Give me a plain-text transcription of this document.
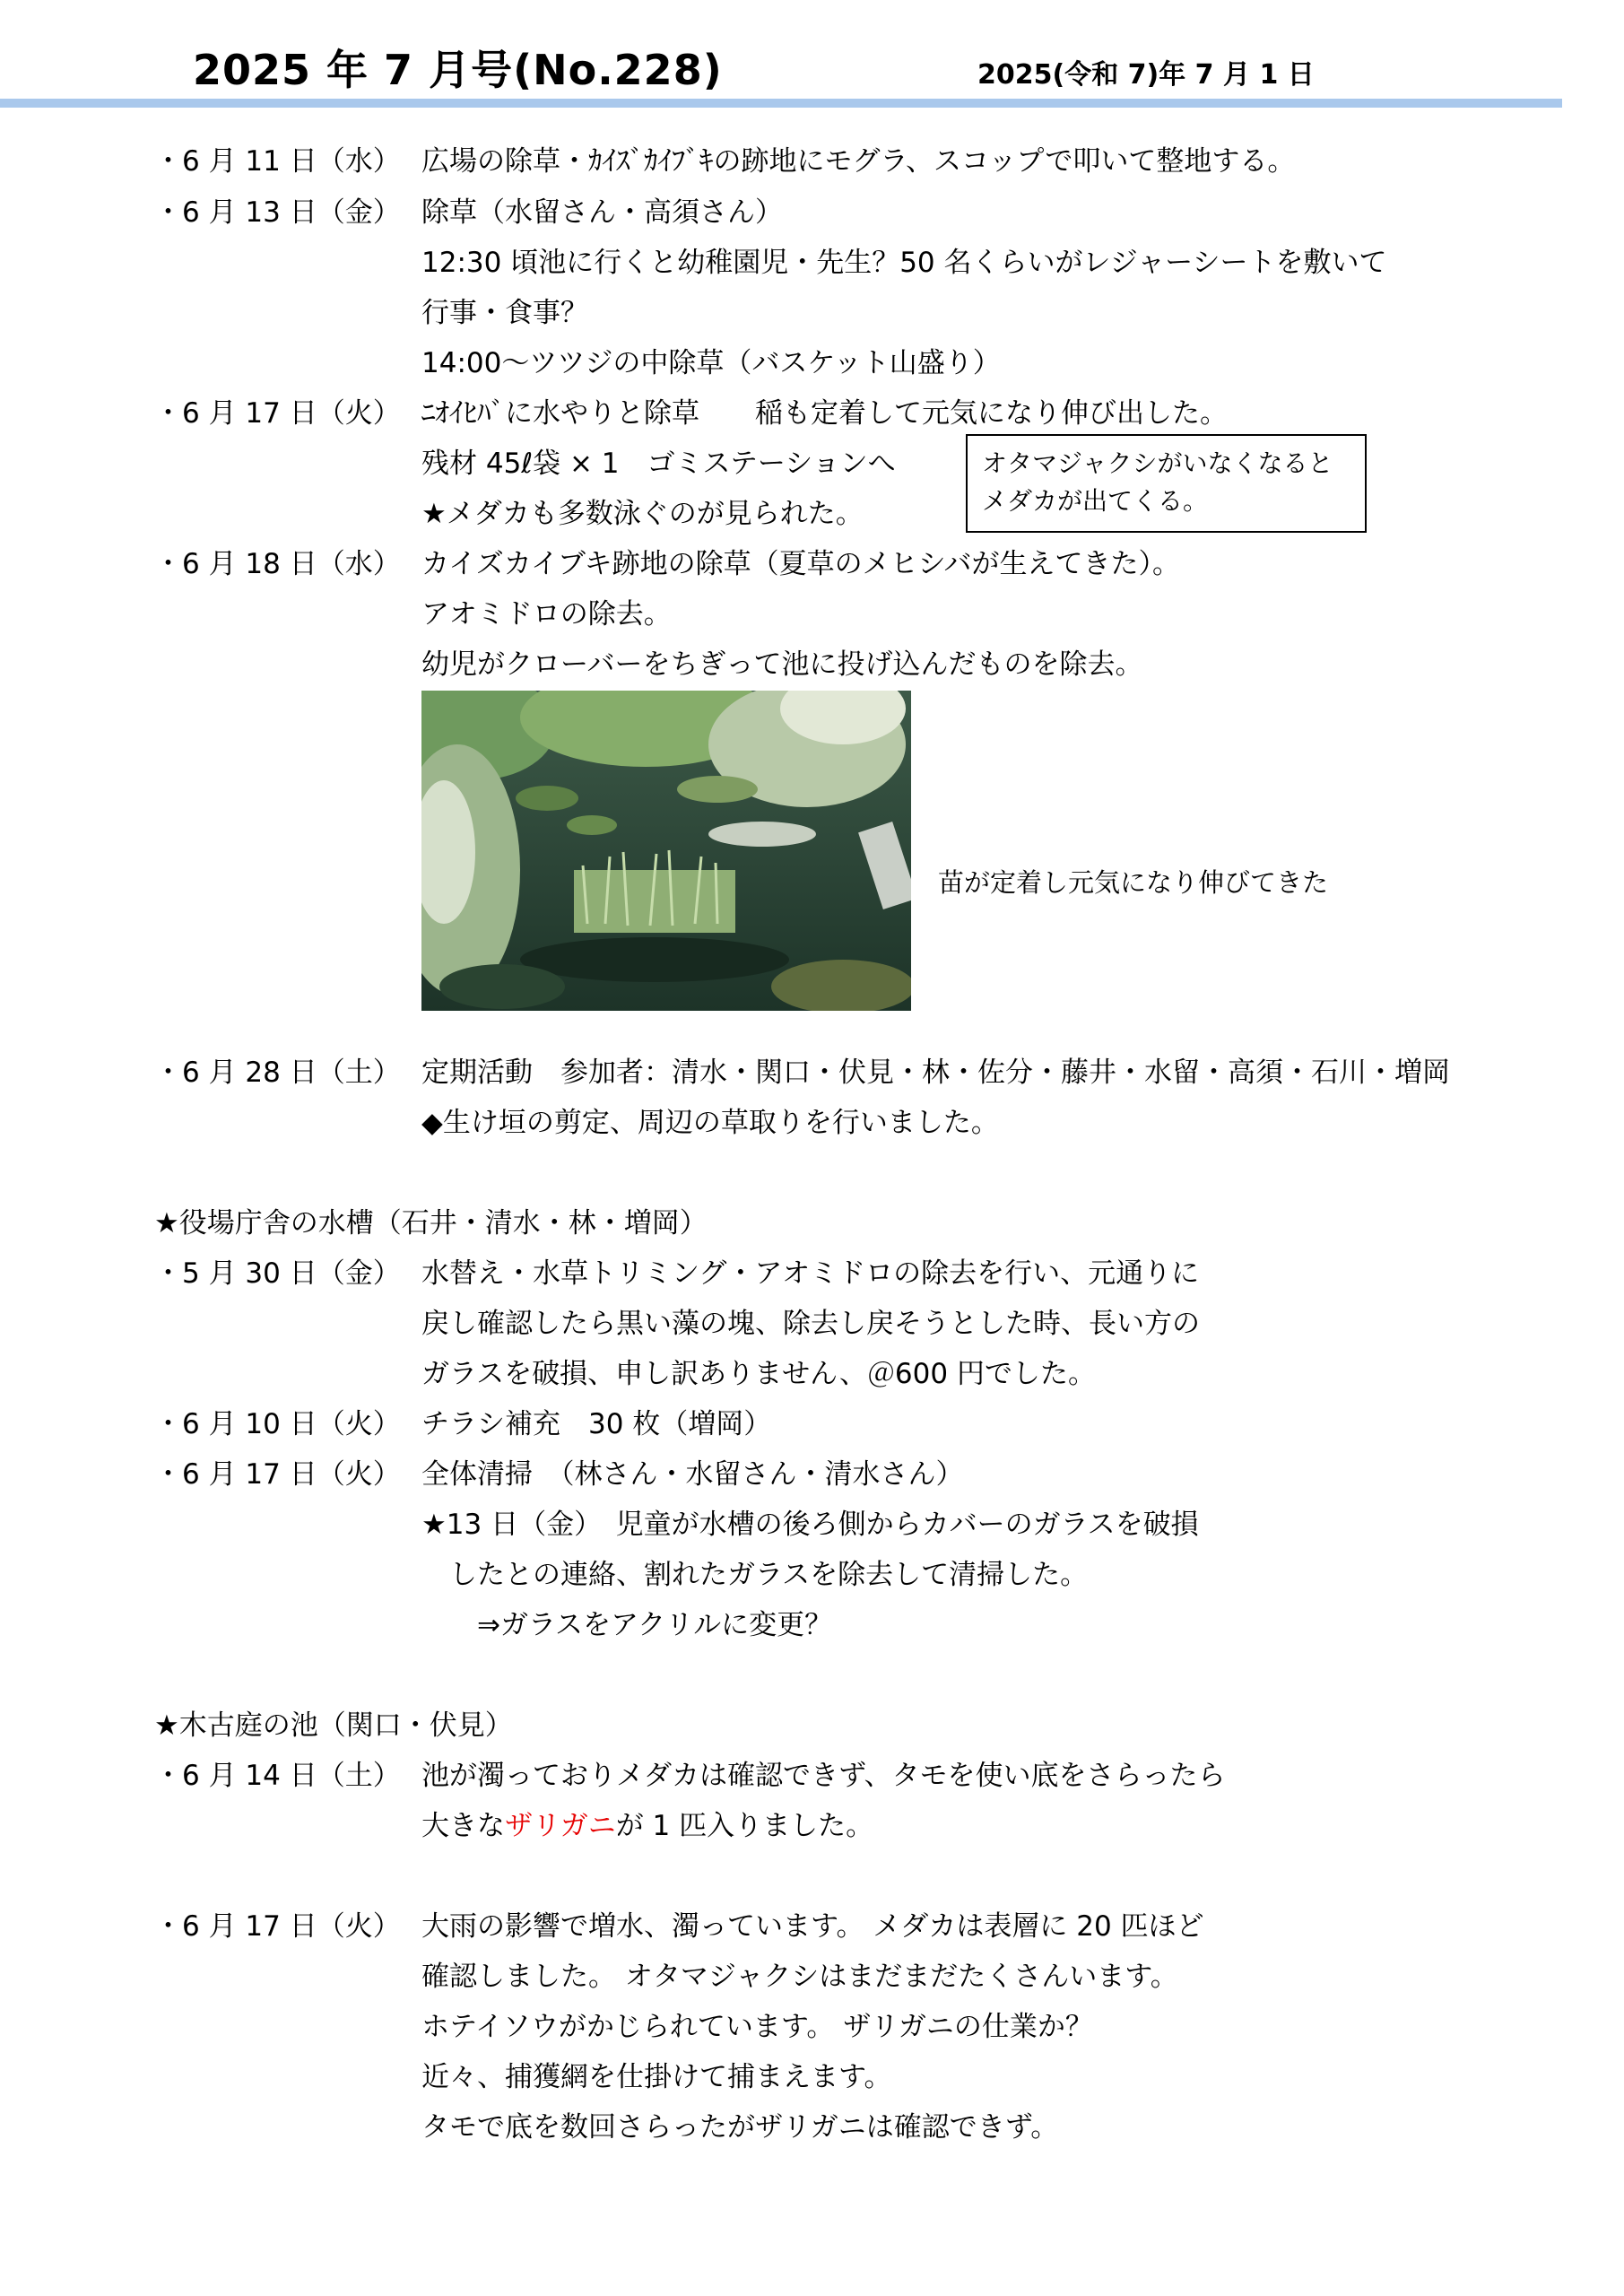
2025 年 7 月号(No.228)	2025(令和 7)年 7 月 1 日
・6 月 11 日（水） 広場の除草・ｶｲｽﾞｶｲﾌﾞｷの跡地にモグラ、スコップで叩いて整地する。
・6 月 13 日（金） 除草（水留さん・高須さん）
12:30 頃池に行くと幼稚園児・先生？50 名くらいがレジャーシートを敷いて
行事・食事？
14:00～ツツジの中除草（バスケット山盛り）
・6 月 17 日（火） ﾆｵｲﾋﾊﾞに水やりと除草　　稲も定着して元気になり伸び出した。
残材 45ℓ袋 × 1　ゴミステーションへ
★メダカも多数泳ぐのが見られた。
オタマジャクシがいなくなるとメダカが出てくる。
・6 月 18 日（水） カイズカイブキ跡地の除草（夏草のメヒシバが生えてきた）。
アオミドロの除去。
幼児がクローバーをちぎって池に投げ込んだものを除去。
苗が定着し元気になり伸びてきた
・6 月 28 日（土） 定期活動　参加者：清水・関口・伏見・林・佐分・藤井・水留・高須・石川・増岡
◆生け垣の剪定、周辺の草取りを行いました。
★役場庁舎の水槽（石井・清水・林・増岡）
・5 月 30 日（金） 水替え・水草トリミング・アオミドロの除去を行い、元通りに
戻し確認したら黒い藻の塊、除去し戻そうとした時、長い方の
ガラスを破損、申し訳ありません、＠600 円でした。
・6 月 10 日（火） チラシ補充　30 枚（増岡）
・6 月 17 日（火） 全体清掃　（林さん・水留さん・清水さん）
★13 日（金）　児童が水槽の後ろ側からカバーのガラスを破損
　したとの連絡、割れたガラスを除去して清掃した。
　　⇒ガラスをアクリルに変更？
★木古庭の池（関口・伏見）
・6 月 14 日（土） 池が濁っておりメダカは確認できず、タモを使い底をさらったら
大きなザリガニが 1 匹入りました。
・6 月 17 日（火） 大雨の影響で増水、濁っています。 メダカは表層に 20 匹ほど
確認しました。 オタマジャクシはまだまだたくさんいます。
ホテイソウがかじられています。 ザリガニの仕業か？
近々、捕獲網を仕掛けて捕まえます。
タモで底を数回さらったがザリガニは確認できず。
